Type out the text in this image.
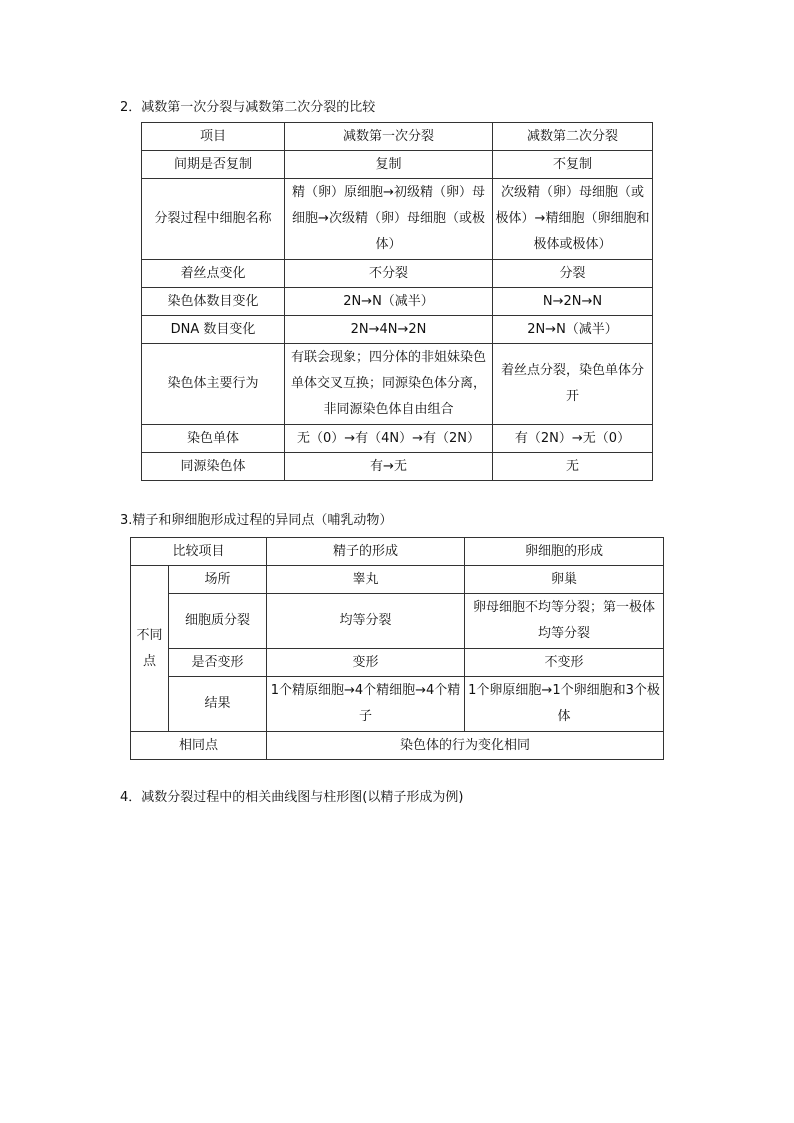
2．减数第一次分裂与减数第二次分裂的比较
项目	减数第一次分裂	减数第二次分裂
间期是否复制	复制	不复制
分裂过程中细胞名称	精（卵）原细胞→初级精（卵）母细胞→次级精（卵）母细胞（或极体）	次级精（卵）母细胞（或极体）→精细胞（卵细胞和极体或极体）
着丝点变化	不分裂	分裂
染色体数目变化	2N→N（减半）	N→2N→N
DNA 数目变化	2N→4N→2N	2N→N（减半）
染色体主要行为	有联会现象；四分体的非姐妹染色单体交叉互换；同源染色体分离，非同源染色体自由组合	着丝点分裂，染色单体分开
染色单体	无（0）→有（4N）→有（2N）	有（2N）→无（0）
同源染色体	有→无	无
3.精子和卵细胞形成过程的异同点（哺乳动物）
比较项目		精子的形成	卵细胞的形成
不同点	场所	睾丸	卵巢
	细胞质分裂	均等分裂	卵母细胞不均等分裂；第一极体均等分裂
	是否变形	变形	不变形
	结果	1个精原细胞→4个精细胞→4个精子	1个卵原细胞→1个卵细胞和3个极体
相同点		染色体的行为变化相同	
4．减数分裂过程中的相关曲线图与柱形图(以精子形成为例)
